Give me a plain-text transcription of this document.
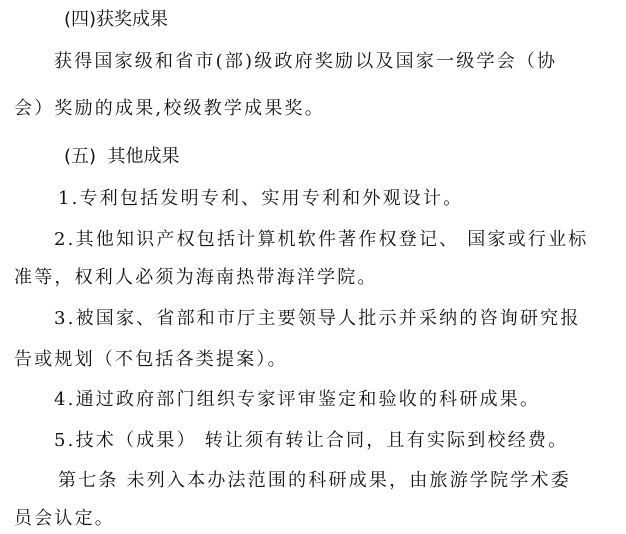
(四)获奖成果

获得国家级和省市(部)级政府奖励以及国家一级学会（协

会）奖励的成果,校级教学成果奖。

(五)  其他成果

1.专利包括发明专利、实用专利和外观设计。

2.其他知识产权包括计算机软件著作权登记、 国家或行业标

准等，权利人必须为海南热带海洋学院。

3.被国家、省部和市厅主要领导人批示并采纳的咨询研究报

告或规划（不包括各类提案）。

4.通过政府部门组织专家评审鉴定和验收的科研成果。

5.技术（成果） 转让须有转让合同，且有实际到校经费。

第七条 未列入本办法范围的科研成果，由旅游学院学术委

员会认定。
